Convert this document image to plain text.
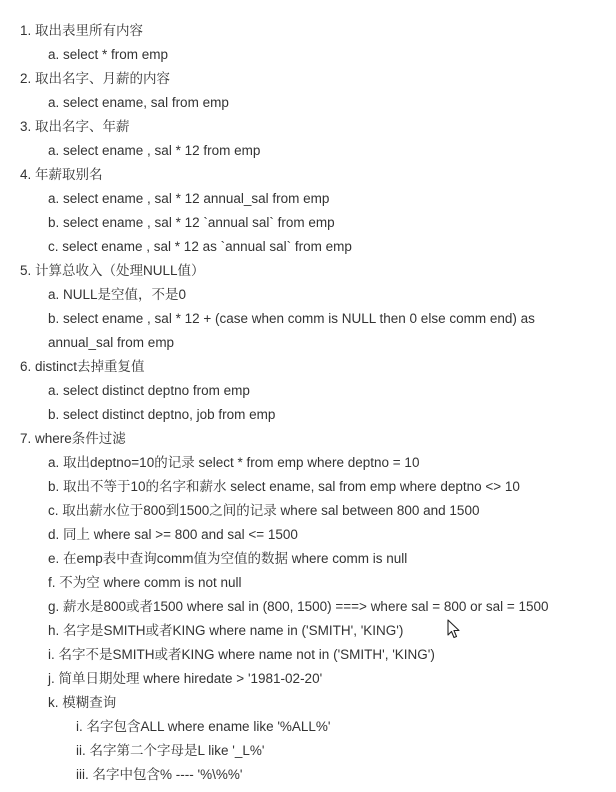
1. 取出表里所有内容
a. select * from emp
2. 取出名字、月薪的内容
a. select ename, sal from emp
3. 取出名字、年薪
a. select ename , sal * 12 from emp
4. 年薪取别名
a. select ename , sal * 12 annual_sal from emp
b. select ename , sal * 12 `annual sal` from emp
c. select ename , sal * 12 as `annual sal` from emp
5. 计算总收入（处理NULL值）
a. NULL是空值，不是0
b. select ename , sal * 12 + (case when comm is NULL then 0 else comm end) as
annual_sal from emp
6. distinct去掉重复值
a. select distinct deptno from emp
b. select distinct deptno, job from emp
7. where条件过滤
a. 取出deptno=10的记录 select * from emp where deptno = 10
b. 取出不等于10的名字和薪水 select ename, sal from emp where deptno <> 10
c. 取出薪水位于800到1500之间的记录 where sal between 800 and 1500
d. 同上 where sal >= 800 and sal <= 1500
e. 在emp表中查询comm值为空值的数据 where comm is null
f. 不为空 where comm is not null
g. 薪水是800或者1500 where sal in (800, 1500) ===> where sal = 800 or sal = 1500
h. 名字是SMITH或者KING where name in ('SMITH', 'KING')
i. 名字不是SMITH或者KING where name not in ('SMITH', 'KING')
j. 简单日期处理 where hiredate > '1981-02-20'
k. 模糊查询
i. 名字包含ALL where ename like '%ALL%'
ii. 名字第二个字母是L like '_L%'
iii. 名字中包含% ---- '%\%%'
